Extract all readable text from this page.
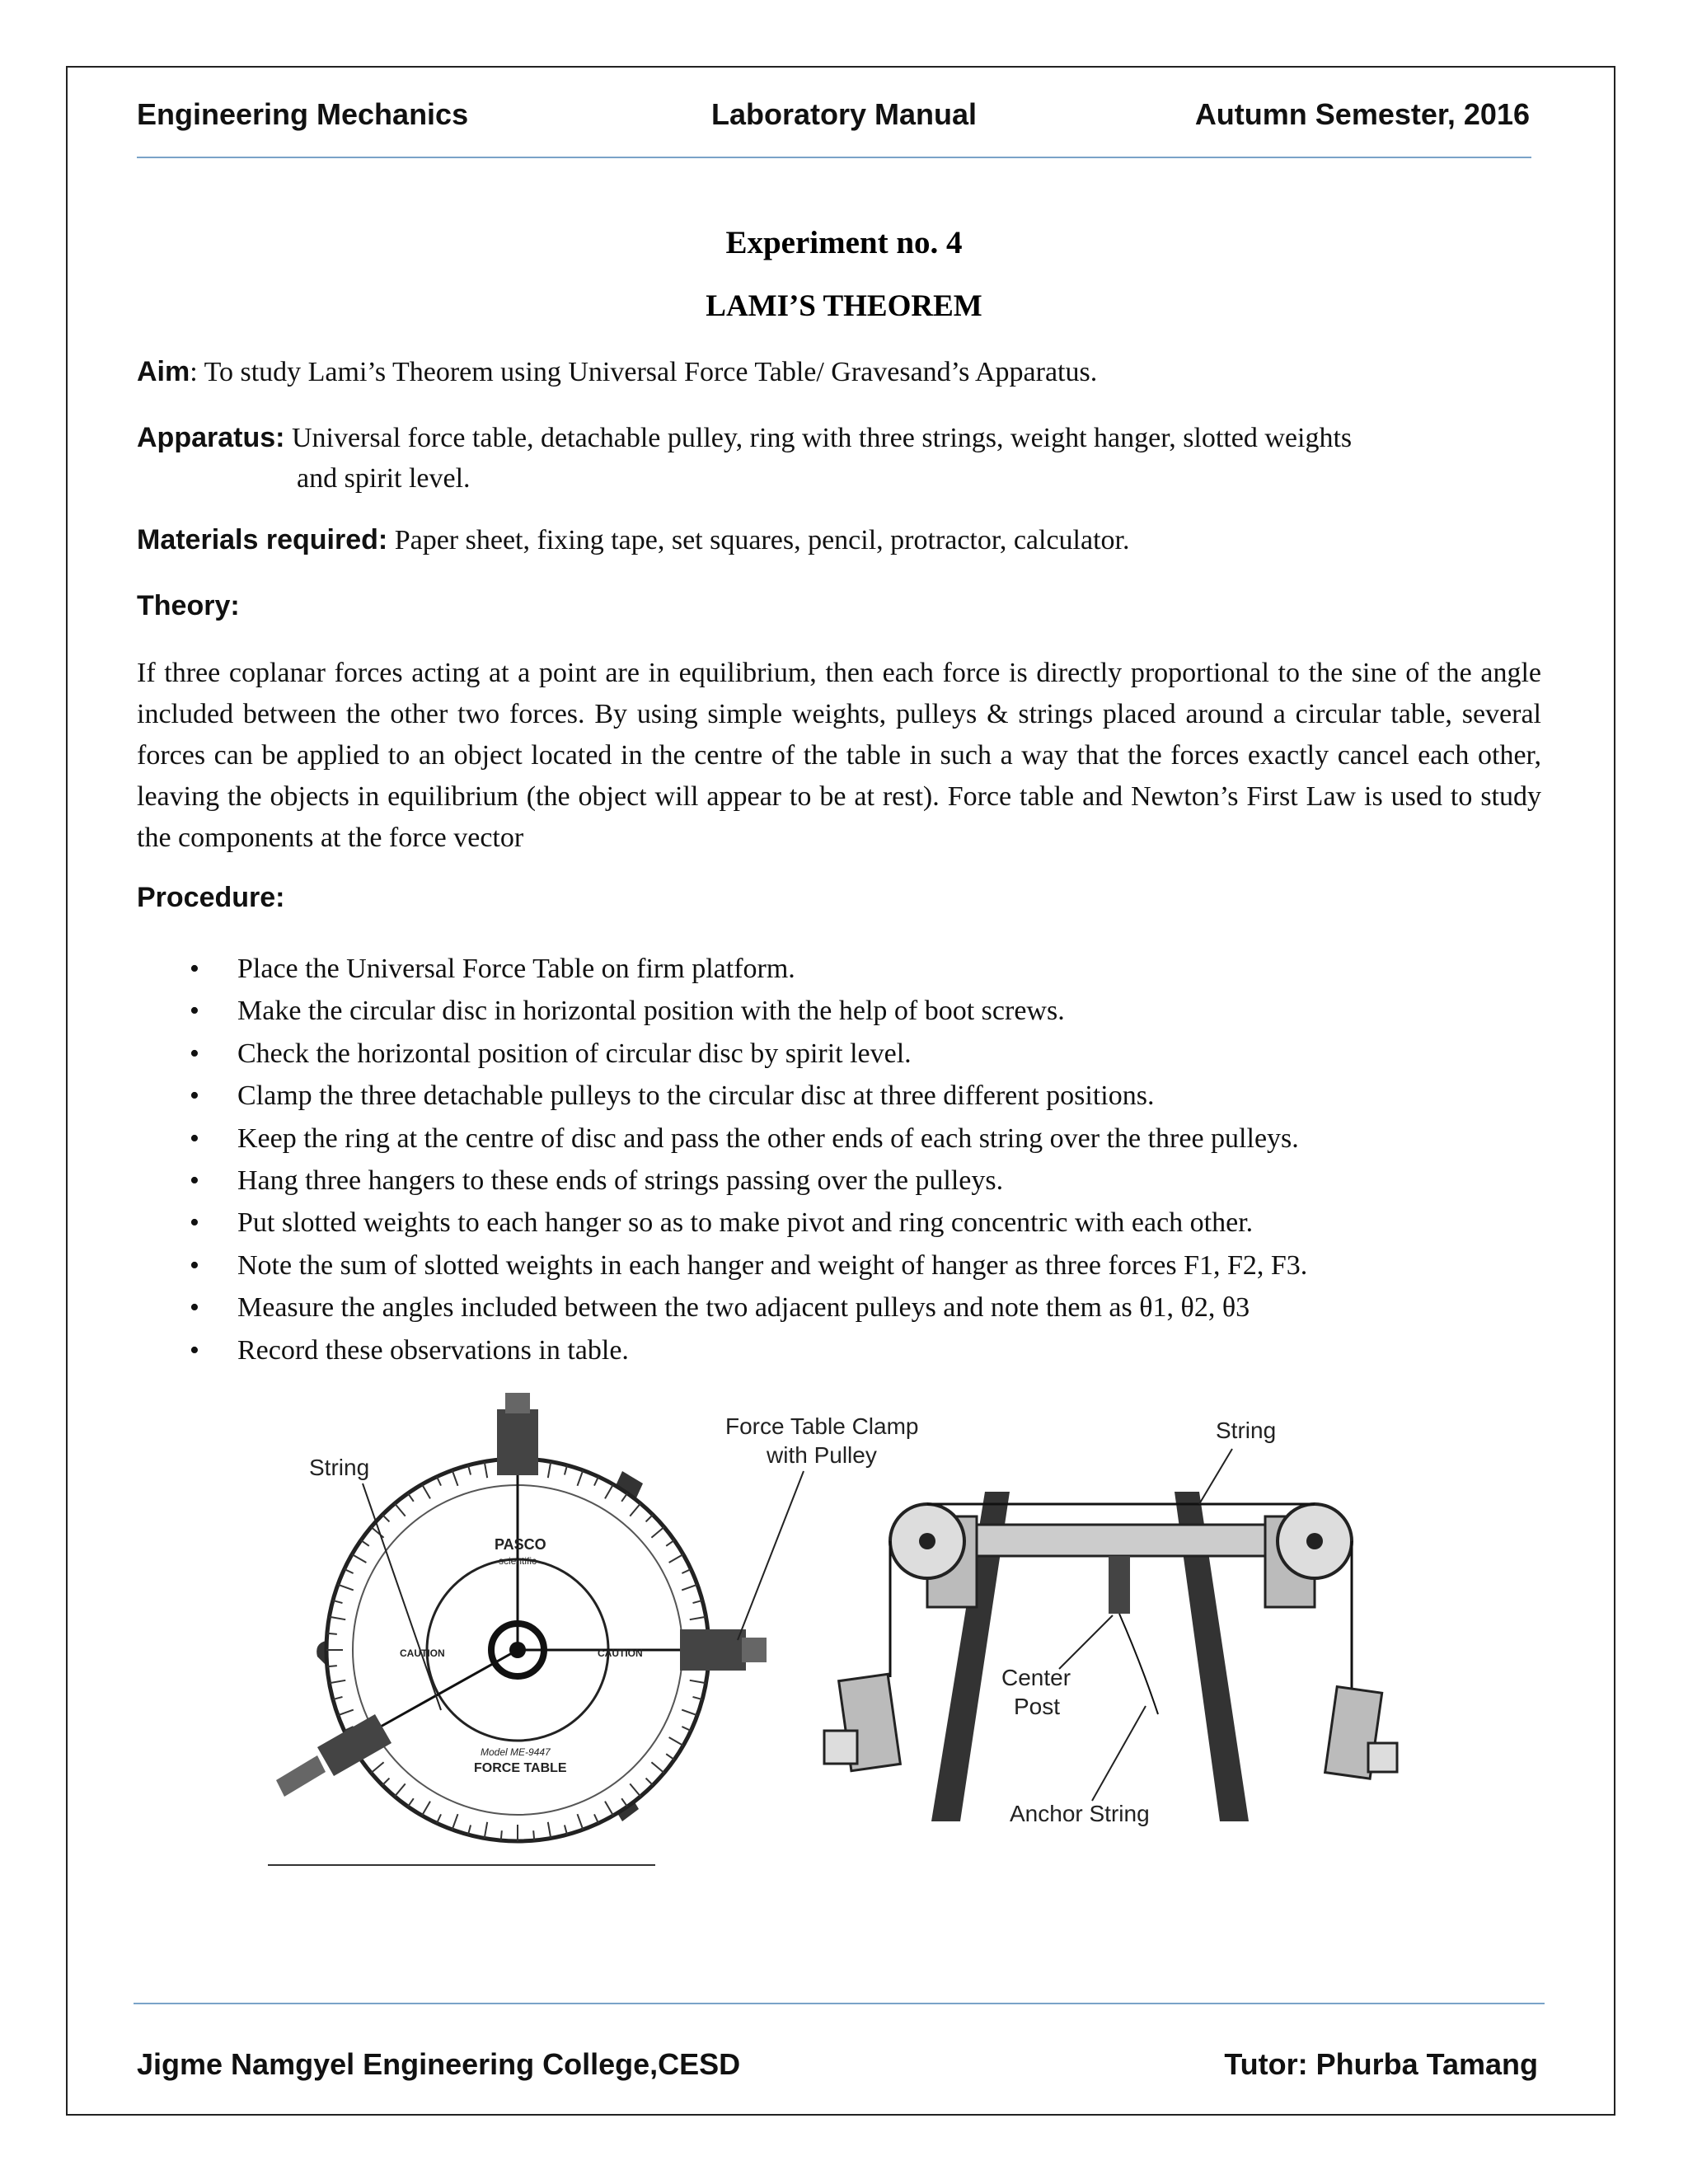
Engineering Mechanics	Laboratory Manual	Autumn Semester, 2016
Experiment no. 4
LAMI’S THEOREM
Aim: To study Lami’s Theorem using Universal Force Table/ Gravesand’s Apparatus.
Apparatus: Universal force table, detachable pulley, ring with three strings, weight hanger, slotted weights
and spirit level.
Materials required: Paper sheet, fixing tape, set squares, pencil, protractor, calculator.
Theory:
If three coplanar forces acting at a point are in equilibrium, then each force is directly proportional to the sine of the angle included between the other two forces. By using simple weights, pulleys & strings placed around a circular table, several forces can be applied to an object located in the centre of the table in such a way that the forces exactly cancel each other, leaving the objects in equilibrium (the object will appear to be at rest). Force table and Newton’s First Law is used to study the components at the force vector
Procedure:
• Place the Universal Force Table on firm platform.
• Make the circular disc in horizontal position with the help of boot screws.
• Check the horizontal position of circular disc by spirit level.
• Clamp the three detachable pulleys to the circular disc at three different positions.
• Keep the ring at the centre of disc and pass the other ends of each string over the three pulleys.
• Hang three hangers to these ends of strings passing over the pulleys.
• Put slotted weights to each hanger so as to make pivot and ring concentric with each other.
• Note the sum of slotted weights in each hanger and weight of hanger as three forces F1, F2, F3.
• Measure the angles included between the two adjacent pulleys and note them as θ1, θ2, θ3
• Record these observations in table.
String
PASCO
scientific
CAUTION	CAUTION
Model ME-9447
FORCE TABLE
Force Table Clamp
with Pulley
String
Center
Post
Anchor String
Jigme Namgyel Engineering College,CESD	Tutor: Phurba Tamang
